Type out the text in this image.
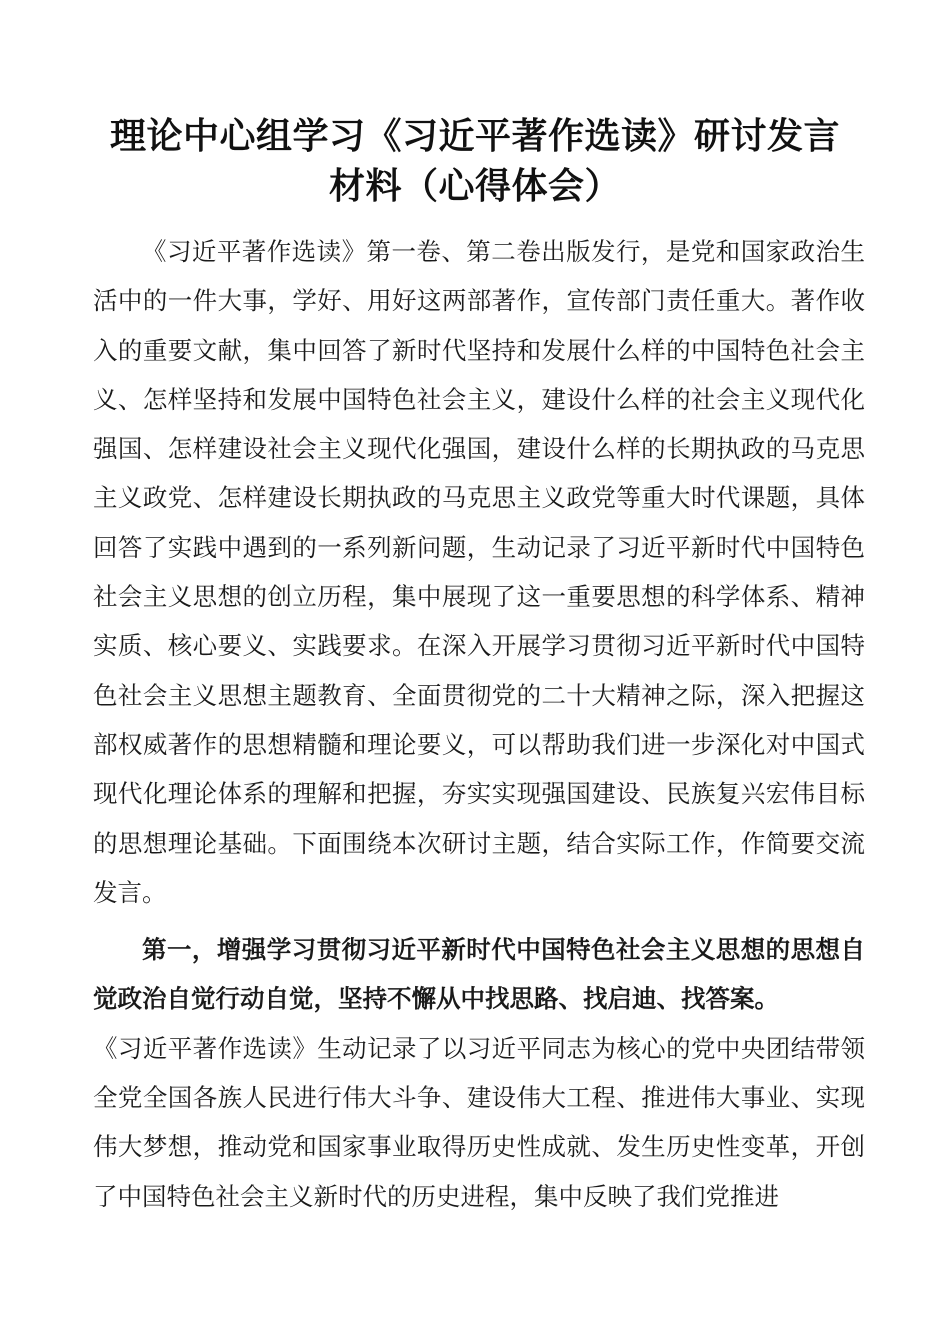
理论中心组学习《习近平著作选读》研讨发言材料（心得体会）

《习近平著作选读》第一卷、第二卷出版发行，是党和国家政治生活中的一件大事，学好、用好这两部著作，宣传部门责任重大。著作收入的重要文献，集中回答了新时代坚持和发展什么样的中国特色社会主义、怎样坚持和发展中国特色社会主义，建设什么样的社会主义现代化强国、怎样建设社会主义现代化强国，建设什么样的长期执政的马克思主义政党、怎样建设长期执政的马克思主义政党等重大时代课题，具体回答了实践中遇到的一系列新问题，生动记录了习近平新时代中国特色社会主义思想的创立历程，集中展现了这一重要思想的科学体系、精神实质、核心要义、实践要求。在深入开展学习贯彻习近平新时代中国特色社会主义思想主题教育、全面贯彻党的二十大精神之际，深入把握这部权威著作的思想精髓和理论要义，可以帮助我们进一步深化对中国式现代化理论体系的理解和把握，夯实实现强国建设、民族复兴宏伟目标的思想理论基础。下面围绕本次研讨主题，结合实际工作，作简要交流发言。

第一，增强学习贯彻习近平新时代中国特色社会主义思想的思想自觉政治自觉行动自觉，坚持不懈从中找思路、找启迪、找答案。

《习近平著作选读》生动记录了以习近平同志为核心的党中央团结带领全党全国各族人民进行伟大斗争、建设伟大工程、推进伟大事业、实现伟大梦想，推动党和国家事业取得历史性成就、发生历史性变革，开创了中国特色社会主义新时代的历史进程，集中反映了我们党推进
